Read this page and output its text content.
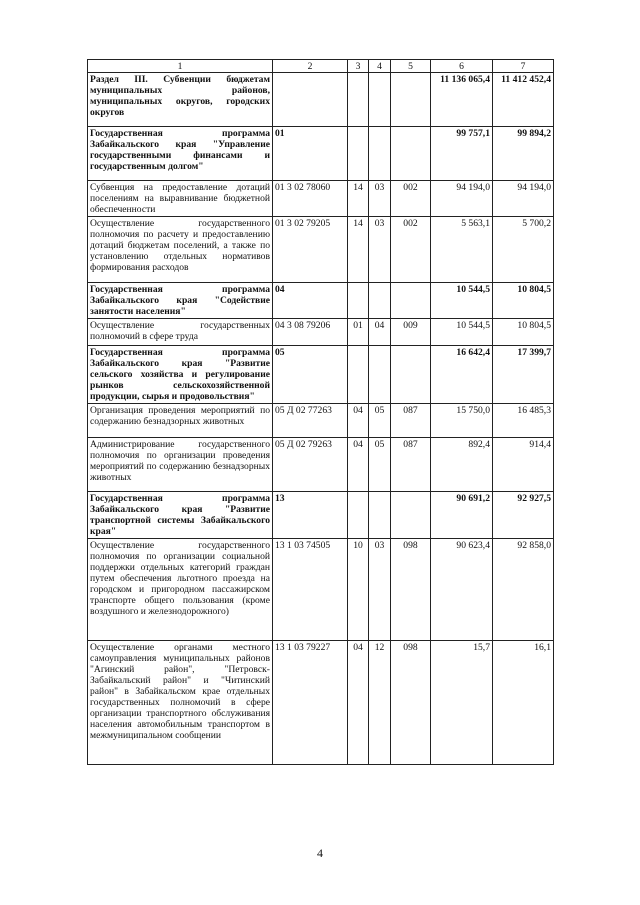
1	2	3	4	5	6	7
Раздел III. Субвенции бюджетам муниципальных районов, муниципальных округов, городских округов					11 136 065,4	11 412 452,4
Государственная программа Забайкальского края "Управление государственными финансами и государственным долгом"	01				99 757,1	99 894,2
Субвенция на предоставление дотаций поселениям на выравнивание бюджетной обеспеченности	01 3 02 78060	14	03	002	94 194,0	94 194,0
Осуществление государственного полномочия по расчету и предоставлению дотаций бюджетам поселений, а также по установлению отдельных нормативов формирования расходов	01 3 02 79205	14	03	002	5 563,1	5 700,2
Государственная программа Забайкальского края "Содействие занятости населения"	04				10 544,5	10 804,5
Осуществление государственных полномочий в сфере труда	04 3 08 79206	01	04	009	10 544,5	10 804,5
Государственная программа Забайкальского края "Развитие сельского хозяйства и регулирование рынков сельскохозяйственной продукции, сырья и продовольствия"	05				16 642,4	17 399,7
Организация проведения мероприятий по содержанию безнадзорных животных	05 Д 02 77263	04	05	087	15 750,0	16 485,3
Администрирование государственного полномочия по организации проведения мероприятий по содержанию безнадзорных животных	05 Д 02 79263	04	05	087	892,4	914,4
Государственная программа Забайкальского края "Развитие транспортной системы Забайкальского края"	13				90 691,2	92 927,5
Осуществление государственного полномочия по организации социальной поддержки отдельных категорий граждан путем обеспечения льготного проезда на городском и пригородном пассажирском транспорте общего пользования (кроме воздушного и железнодорожного)	13 1 03 74505	10	03	098	90 623,4	92 858,0
Осуществление органами местного самоуправления муниципальных районов "Агинский район", "Петровск-Забайкальский район" и "Читинский район" в Забайкальском крае отдельных государственных полномочий в сфере организации транспортного обслуживания населения автомобильным транспортом в межмуниципальном сообщении	13 1 03 79227	04	12	098	15,7	16,1
4
